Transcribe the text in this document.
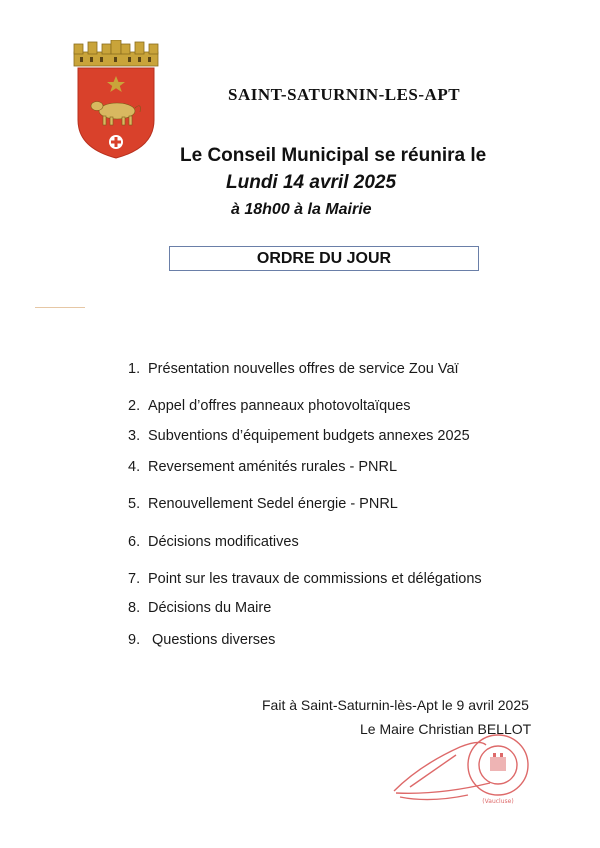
SAINT-SATURNIN-LES-APT
Le Conseil Municipal se réunira le
Lundi 14 avril 2025
à 18h00 à la Mairie
ORDRE DU JOUR
1. Présentation nouvelles offres de service Zou Vaï
2. Appel d’offres panneaux photovoltaïques
3. Subventions d’équipement budgets annexes 2025
4. Reversement aménités rurales - PNRL
5. Renouvellement Sedel énergie - PNRL
6. Décisions modificatives
7. Point sur les travaux de commissions et délégations
8. Décisions du Maire
9. Questions diverses
Fait à Saint-Saturnin-lès-Apt le 9 avril 2025
Le Maire Christian BELLOT
(Vaucluse)
